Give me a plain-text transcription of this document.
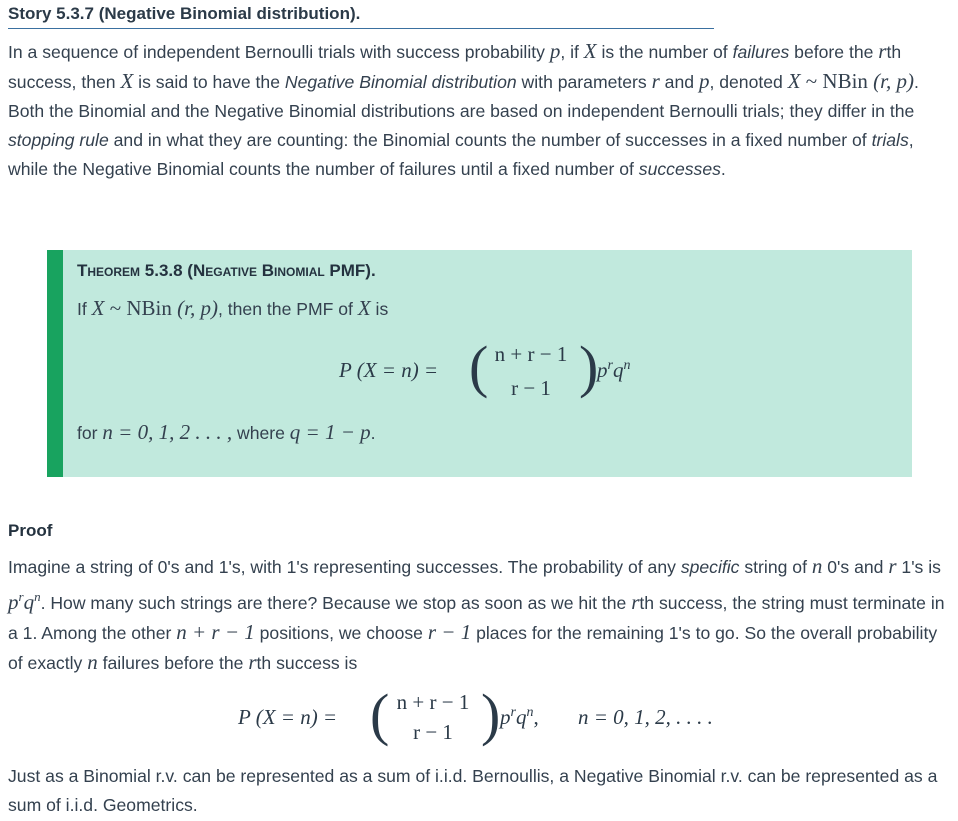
Story 5.3.7 (Negative Binomial distribution).

In a sequence of independent Bernoulli trials with success probability p, if X is the number of failures before the rth success, then X is said to have the Negative Binomial distribution with parameters r and p, denoted X ~ NBin (r, p). Both the Binomial and the Negative Binomial distributions are based on independent Bernoulli trials; they differ in the stopping rule and in what they are counting: the Binomial counts the number of successes in a fixed number of trials, while the Negative Binomial counts the number of failures until a fixed number of successes.

Theorem 5.3.8 (Negative Binomial PMF).
If X ~ NBin (r, p), then the PMF of X is
P (X = n) = ( n + r − 1
r − 1 )
$p^rq^n$
for n = 0, 1, 2 . . . , where q = 1 − p.
Proof

Imagine a string of 0's and 1's, with 1's representing successes. The probability of any specific string of n 0's and r 1's is $p^rq^n$. How many such strings are there? Because we stop as soon as we hit the rth success, the string must terminate in a 1. Among the other n + r − 1 positions, we choose r − 1 places for the remaining 1's to go. So the overall probability of exactly n failures before the rth success is

P (X = n) = ( n + r − 1
r − 1 ) $p^rq^n$, n = 0, 1, 2, . . . .

Just as a Binomial r.v. can be represented as a sum of i.i.d. Bernoullis, a Negative Binomial r.v. can be represented as a sum of i.i.d. Geometrics.
